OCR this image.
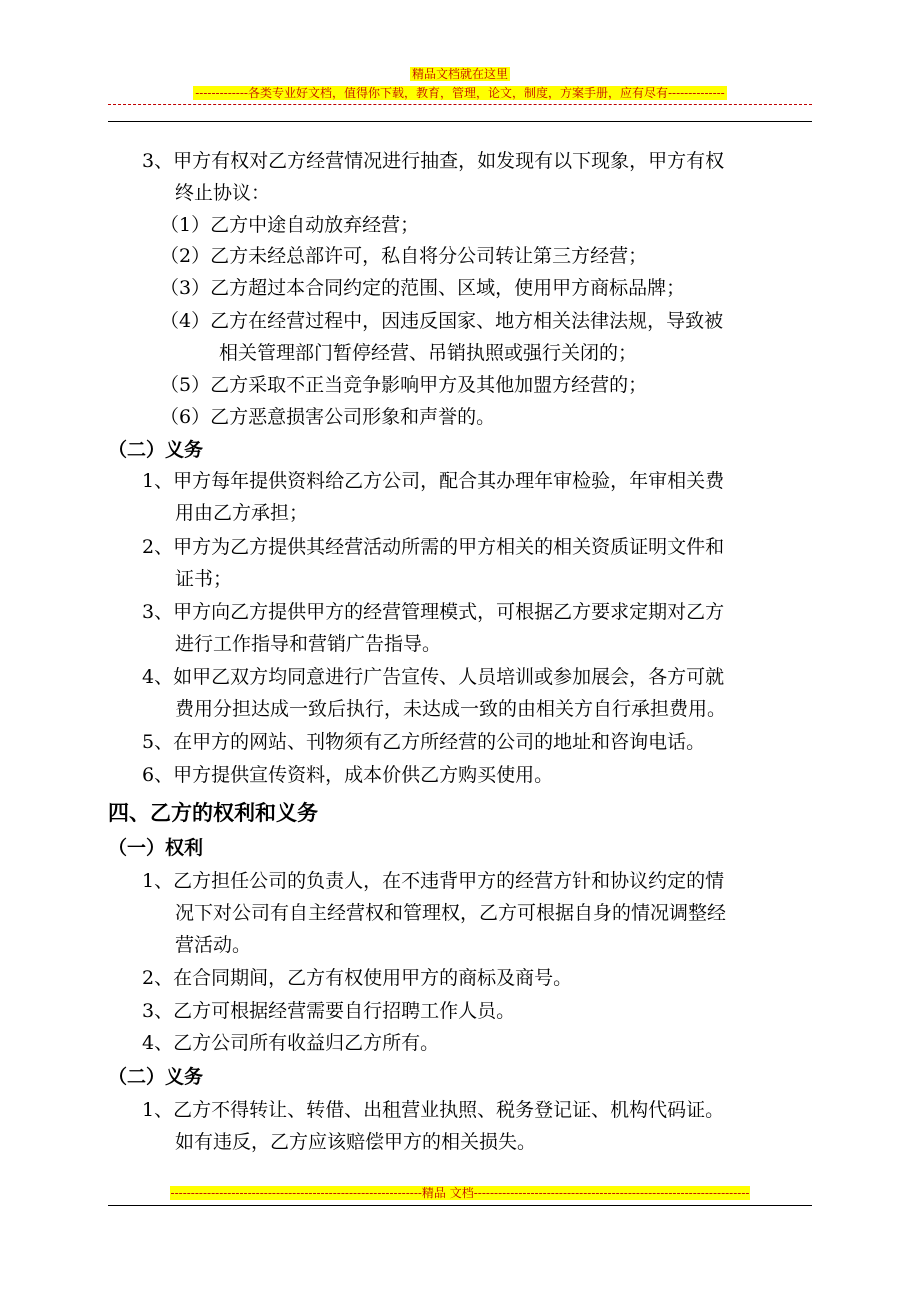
精品文档就在这里
-------------各类专业好文档，值得你下载，教育，管理，论文，制度，方案手册，应有尽有--------------
3、甲方有权对乙方经营情况进行抽查，如发现有以下现象，甲方有权
终止协议：
（1）乙方中途自动放弃经营；
（2）乙方未经总部许可，私自将分公司转让第三方经营；
（3）乙方超过本合同约定的范围、区域，使用甲方商标品牌；
（4）乙方在经营过程中，因违反国家、地方相关法律法规，导致被
相关管理部门暂停经营、吊销执照或强行关闭的；
（5）乙方采取不正当竞争影响甲方及其他加盟方经营的；
（6）乙方恶意损害公司形象和声誉的。
（二）义务
1、甲方每年提供资料给乙方公司，配合其办理年审检验，年审相关费
用由乙方承担；
2、甲方为乙方提供其经营活动所需的甲方相关的相关资质证明文件和
证书；
3、甲方向乙方提供甲方的经营管理模式，可根据乙方要求定期对乙方
进行工作指导和营销广告指导。
4、如甲乙双方均同意进行广告宣传、人员培训或参加展会，各方可就
费用分担达成一致后执行，未达成一致的由相关方自行承担费用。
5、在甲方的网站、刊物须有乙方所经营的公司的地址和咨询电话。
6、甲方提供宣传资料，成本价供乙方购买使用。
四、乙方的权利和义务
（一）权利
1、乙方担任公司的负责人，在不违背甲方的经营方针和协议约定的情
况下对公司有自主经营权和管理权，乙方可根据自身的情况调整经
营活动。
2、在合同期间，乙方有权使用甲方的商标及商号。
3、乙方可根据经营需要自行招聘工作人员。
4、乙方公司所有收益归乙方所有。
（二）义务
1、乙方不得转让、转借、出租营业执照、税务登记证、机构代码证。
如有违反，乙方应该赔偿甲方的相关损失。
--------------------------------------------------------------精品 文档--------------------------------------------------------------------
